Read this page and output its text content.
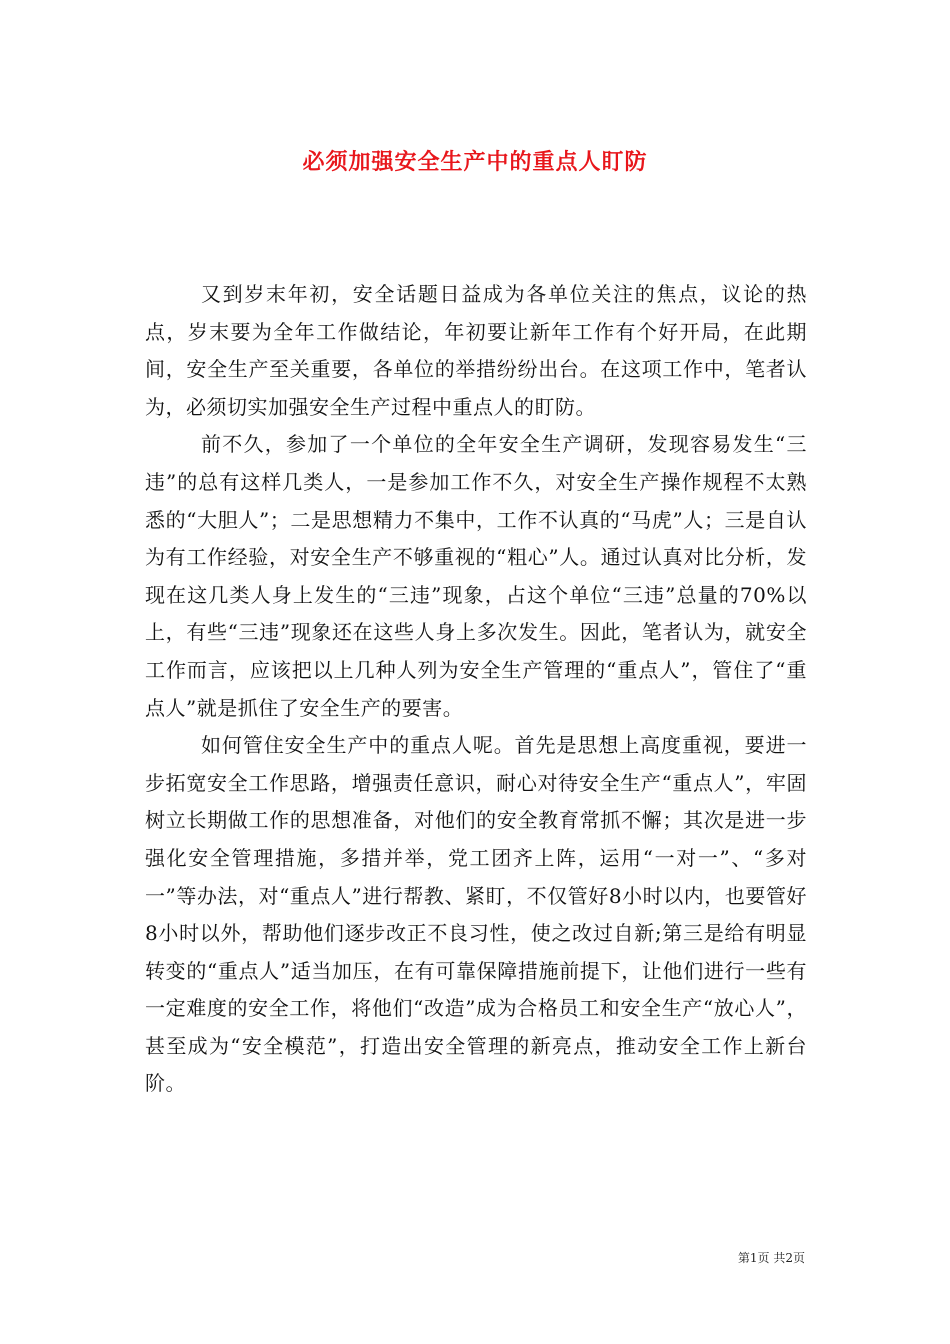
必须加强安全生产中的重点人盯防

又到岁末年初，安全话题日益成为各单位关注的焦点，议论的热点，岁末要为全年工作做结论，年初要让新年工作有个好开局，在此期间，安全生产至关重要，各单位的举措纷纷出台。在这项工作中，笔者认为，必须切实加强安全生产过程中重点人的盯防。

前不久，参加了一个单位的全年安全生产调研，发现容易发生“三违”的总有这样几类人，一是参加工作不久，对安全生产操作规程不太熟悉的“大胆人”；二是思想精力不集中，工作不认真的“马虎”人；三是自认为有工作经验，对安全生产不够重视的“粗心”人。通过认真对比分析，发现在这几类人身上发生的“三违”现象，占这个单位“三违”总量的70%以上，有些“三违”现象还在这些人身上多次发生。因此，笔者认为，就安全工作而言，应该把以上几种人列为安全生产管理的“重点人”，管住了“重点人”就是抓住了安全生产的要害。

如何管住安全生产中的重点人呢。首先是思想上高度重视，要进一步拓宽安全工作思路，增强责任意识，耐心对待安全生产“重点人”，牢固树立长期做工作的思想准备，对他们的安全教育常抓不懈；其次是进一步强化安全管理措施，多措并举，党工团齐上阵，运用“一对一”、“多对一”等办法，对“重点人”进行帮教、紧盯，不仅管好8小时以内，也要管好8小时以外，帮助他们逐步改正不良习性，使之改过自新;第三是给有明显转变的“重点人”适当加压，在有可靠保障措施前提下，让他们进行一些有一定难度的安全工作，将他们“改造”成为合格员工和安全生产“放心人”，甚至成为“安全模范”，打造出安全管理的新亮点，推动安全工作上新台阶。

第1页 共2页
